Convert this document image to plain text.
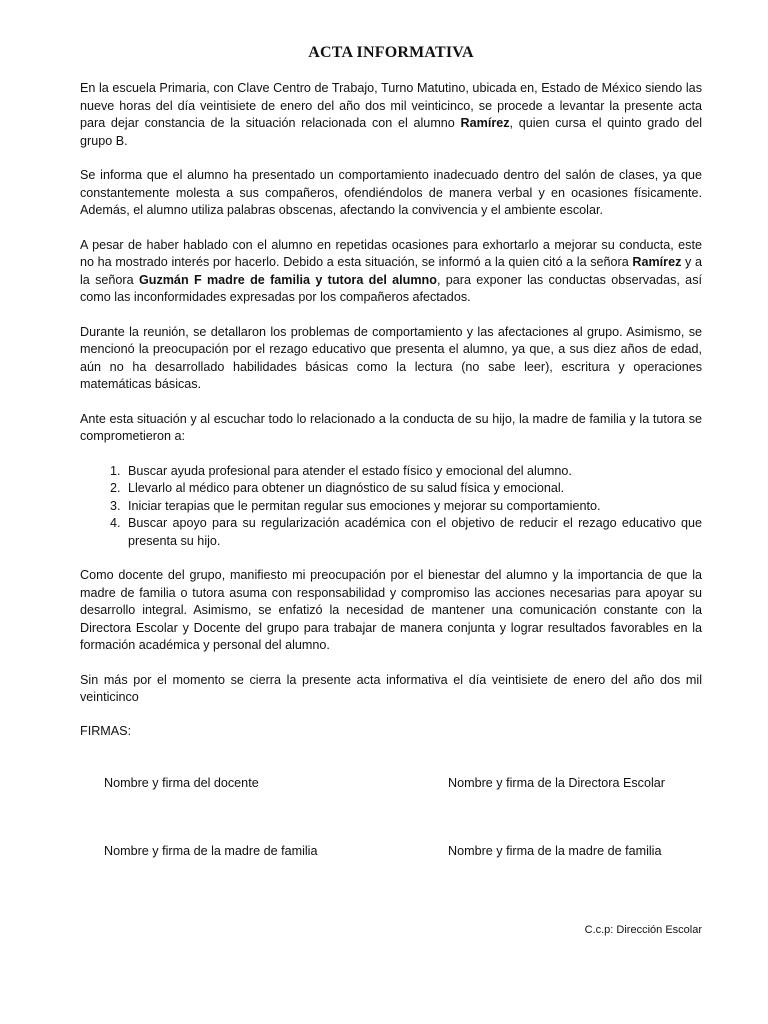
ACTA INFORMATIVA

En la escuela Primaria, con Clave Centro de Trabajo, Turno Matutino, ubicada en, Estado de México siendo las nueve horas del día veintisiete de enero del año dos mil veinticinco, se procede a levantar la presente acta para dejar constancia de la situación relacionada con el alumno Ramírez, quien cursa el quinto grado del grupo B.

Se informa que el alumno ha presentado un comportamiento inadecuado dentro del salón de clases, ya que constantemente molesta a sus compañeros, ofendiéndolos de manera verbal y en ocasiones físicamente. Además, el alumno utiliza palabras obscenas, afectando la convivencia y el ambiente escolar.

A pesar de haber hablado con el alumno en repetidas ocasiones para exhortarlo a mejorar su conducta, este no ha mostrado interés por hacerlo. Debido a esta situación, se informó a la quien citó a la señora Ramírez y a la señora Guzmán F madre de familia y tutora del alumno, para exponer las conductas observadas, así como las inconformidades expresadas por los compañeros afectados.

Durante la reunión, se detallaron los problemas de comportamiento y las afectaciones al grupo. Asimismo, se mencionó la preocupación por el rezago educativo que presenta el alumno, ya que, a sus diez años de edad, aún no ha desarrollado habilidades básicas como la lectura (no sabe leer), escritura y operaciones matemáticas básicas.

Ante esta situación y al escuchar todo lo relacionado a la conducta de su hijo, la madre de familia y la tutora se comprometieron a:

1. Buscar ayuda profesional para atender el estado físico y emocional del alumno.
2. Llevarlo al médico para obtener un diagnóstico de su salud física y emocional.
3. Iniciar terapias que le permitan regular sus emociones y mejorar su comportamiento.
4. Buscar apoyo para su regularización académica con el objetivo de reducir el rezago educativo que presenta su hijo.

Como docente del grupo, manifiesto mi preocupación por el bienestar del alumno y la importancia de que la madre de familia o tutora asuma con responsabilidad y compromiso las acciones necesarias para apoyar su desarrollo integral. Asimismo, se enfatizó la necesidad de mantener una comunicación constante con la Directora Escolar y Docente del grupo para trabajar de manera conjunta y lograr resultados favorables en la formación académica y personal del alumno.

Sin más por el momento se cierra la presente acta informativa el día veintisiete de enero del año dos mil veinticinco

FIRMAS:

Nombre y firma del docente	Nombre y firma de la Directora Escolar
Nombre y firma de la madre de familia	Nombre y firma de la madre de familia
C.c.p: Dirección Escolar
